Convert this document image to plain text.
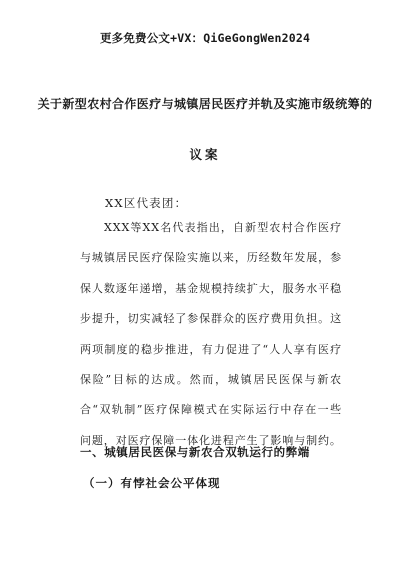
更多免费公文+VX：QiGeGongWen2024
关于新型农村合作医疗与城镇居民医疗并轨及实施市级统筹的
议案
XX区代表团：
XXX等XX名代表指出，自新型农村合作医疗与城镇居民医疗保险实施以来，历经数年发展，参保人数逐年递增，基金规模持续扩大，服务水平稳步提升，切实减轻了参保群众的医疗费用负担。这两项制度的稳步推进，有力促进了“人人享有医疗保险”目标的达成。然而，城镇居民医保与新农合“双轨制”医疗保障模式在实际运行中存在一些问题，对医疗保障一体化进程产生了影响与制约。
一、城镇居民医保与新农合双轨运行的弊端
（一）有悖社会公平体现
